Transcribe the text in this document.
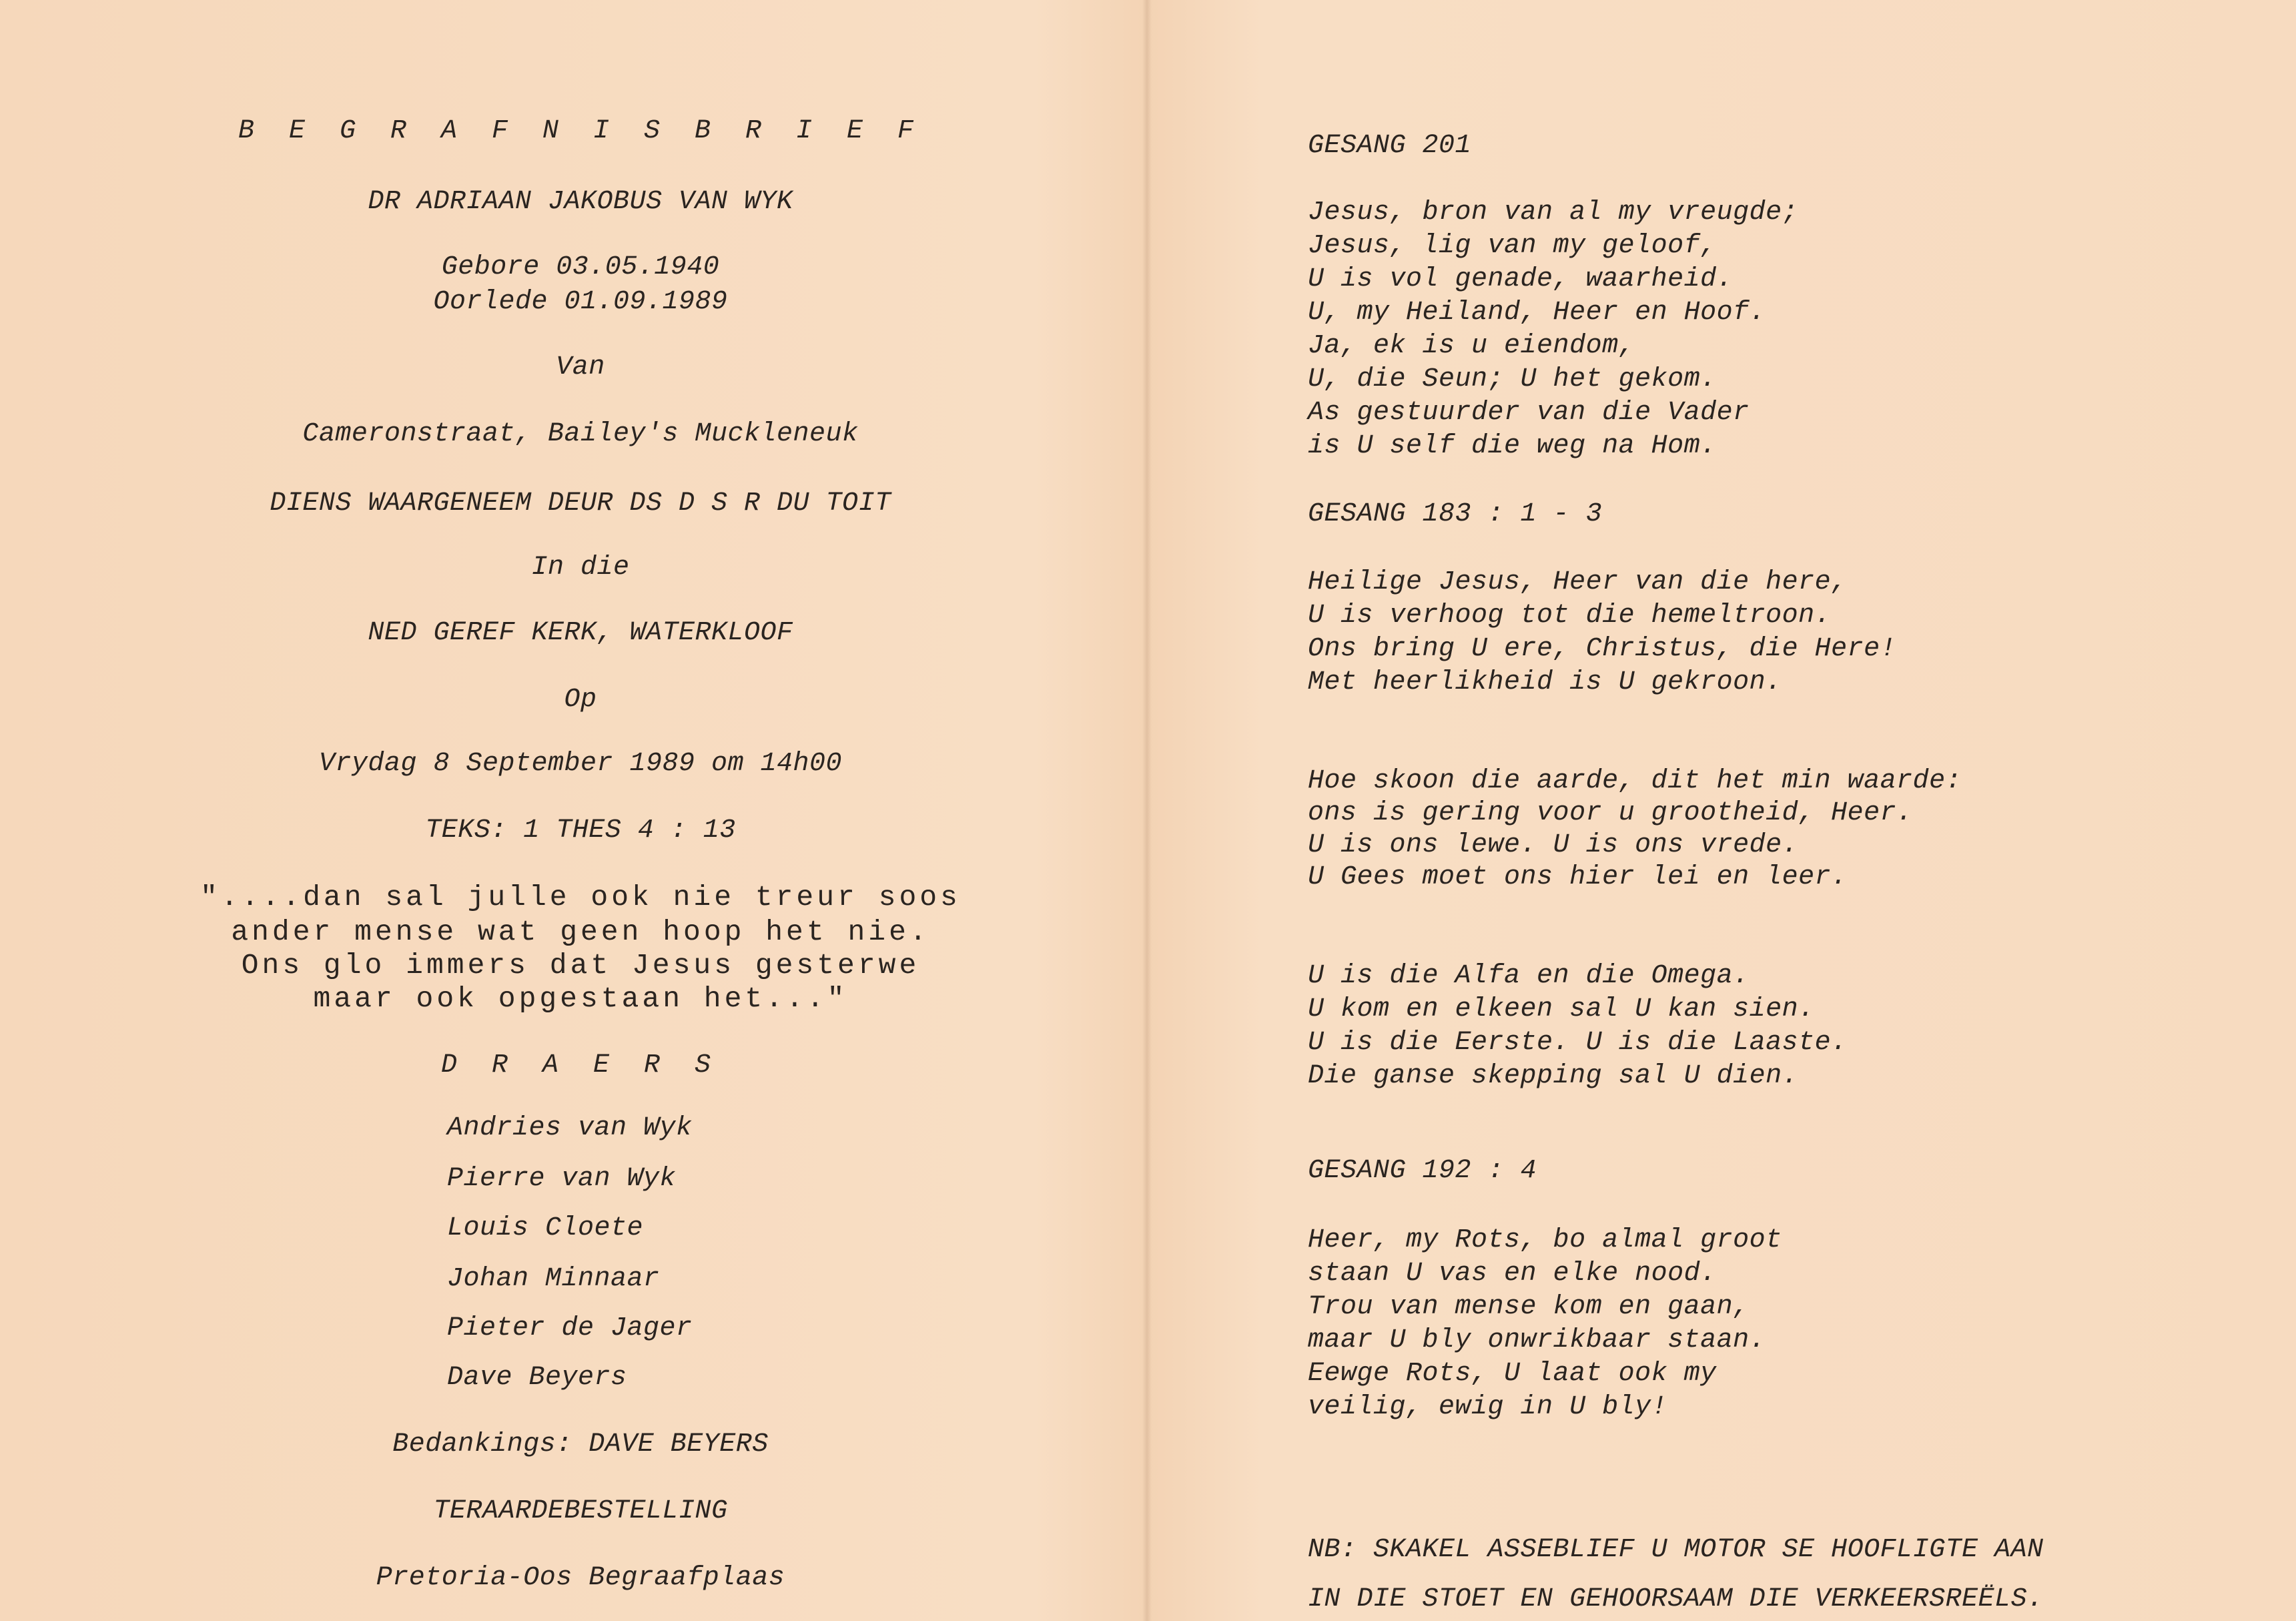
B E G R A F N I S B R I E F
DR ADRIAAN JAKOBUS VAN WYK
Gebore 03.05.1940
Oorlede 01.09.1989
Van
Cameronstraat, Bailey's Muckleneuk
DIENS WAARGENEEM DEUR DS D S R DU TOIT
In die
NED GEREF KERK, WATERKLOOF
Op
Vrydag 8 September 1989 om 14h00
TEKS: 1 THES 4 : 13
"....dan sal julle ook nie treur soos
ander mense wat geen hoop het nie.
Ons glo immers dat Jesus gesterwe
maar ook opgestaan het..."
D R A E R S
Andries van Wyk
Pierre van Wyk
Louis Cloete
Johan Minnaar
Pieter de Jager
Dave Beyers
Bedankings: DAVE BEYERS
TERAARDEBESTELLING
Pretoria-Oos Begraafplaas
GESANG 201
Jesus, bron van al my vreugde;
Jesus, lig van my geloof,
U is vol genade, waarheid.
U, my Heiland, Heer en Hoof.
Ja, ek is u eiendom,
U, die Seun; U het gekom.
As gestuurder van die Vader
is U self die weg na Hom.
GESANG 183 : 1 - 3
Heilige Jesus, Heer van die here,
U is verhoog tot die hemeltroon.
Ons bring U ere, Christus, die Here!
Met heerlikheid is U gekroon.
Hoe skoon die aarde, dit het min waarde:
ons is gering voor u grootheid, Heer.
U is ons lewe. U is ons vrede.
U Gees moet ons hier lei en leer.
U is die Alfa en die Omega.
U kom en elkeen sal U kan sien.
U is die Eerste. U is die Laaste.
Die ganse skepping sal U dien.
GESANG 192 : 4
Heer, my Rots, bo almal groot
staan U vas en elke nood.
Trou van mense kom en gaan,
maar U bly onwrikbaar staan.
Eewge Rots, U laat ook my
veilig, ewig in U bly!
NB: SKAKEL ASSEBLIEF U MOTOR SE HOOFLIGTE AAN
IN DIE STOET EN GEHOORSAAM DIE VERKEERSREËLS.
